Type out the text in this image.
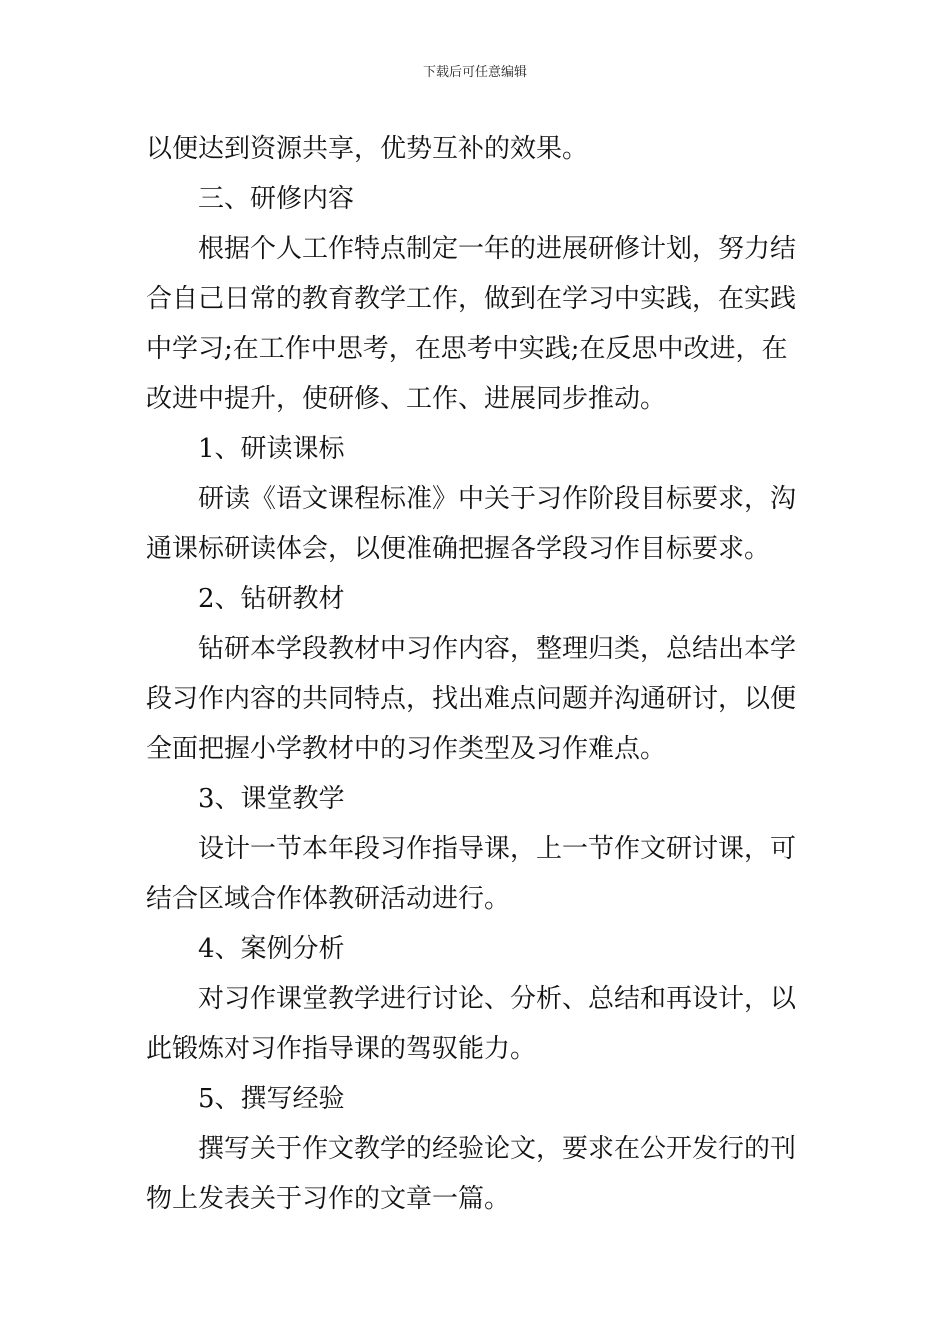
下载后可任意编辑
以便达到资源共享，优势互补的效果。
三、研修内容
根据个人工作特点制定一年的进展研修计划，努力结
合自己日常的教育教学工作，做到在学习中实践，在实践
中学习;在工作中思考，在思考中实践;在反思中改进，在
改进中提升，使研修、工作、进展同步推动。
1、研读课标
研读《语文课程标准》中关于习作阶段目标要求，沟
通课标研读体会，以便准确把握各学段习作目标要求。
2、钻研教材
钻研本学段教材中习作内容，整理归类，总结出本学
段习作内容的共同特点，找出难点问题并沟通研讨，以便
全面把握小学教材中的习作类型及习作难点。
3、课堂教学
设计一节本年段习作指导课，上一节作文研讨课，可
结合区域合作体教研活动进行。
4、案例分析
对习作课堂教学进行讨论、分析、总结和再设计，以
此锻炼对习作指导课的驾驭能力。
5、撰写经验
撰写关于作文教学的经验论文，要求在公开发行的刊
物上发表关于习作的文章一篇。
